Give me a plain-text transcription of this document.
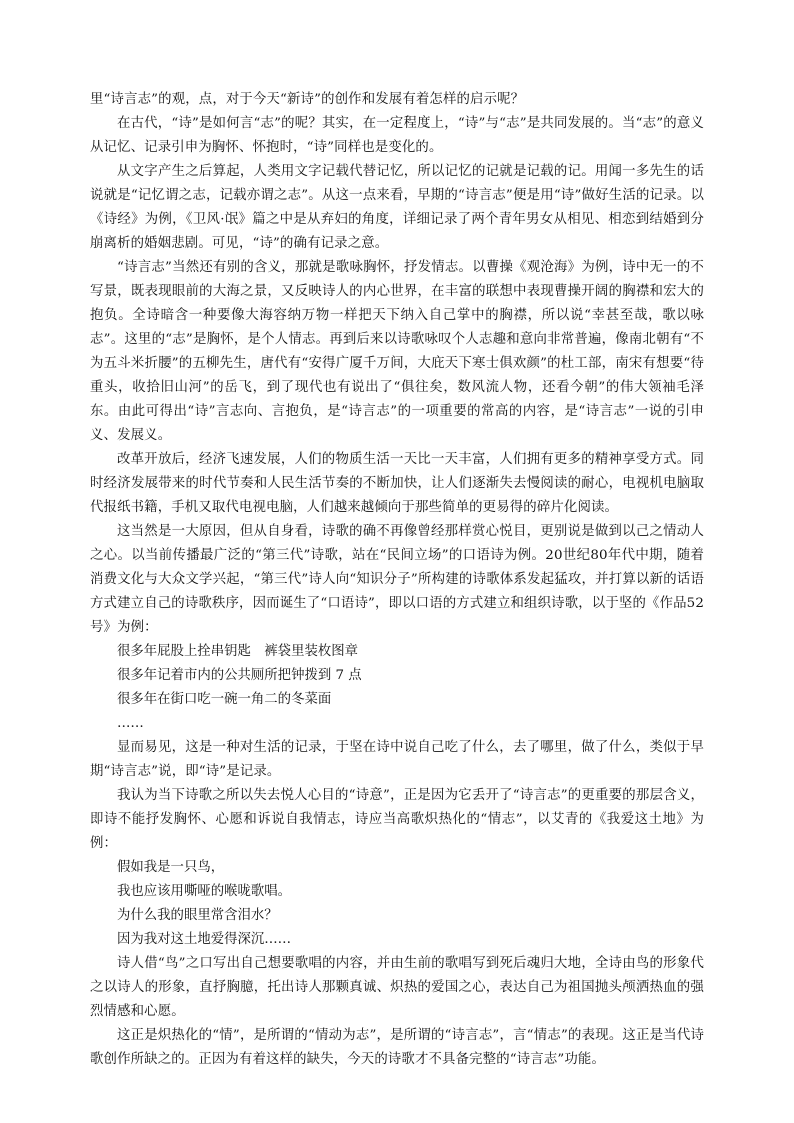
里“诗言志”的观，点，对于今天“新诗”的创作和发展有着怎样的启示呢？

在古代，“诗”是如何言“志”的呢？其实，在一定程度上，“诗”与“志”是共同发展的。当“志”的意义从记忆、记录引申为胸怀、怀抱时，“诗”同样也是变化的。

从文字产生之后算起，人类用文字记载代替记忆，所以记忆的记就是记载的记。用闻一多先生的话说就是“记忆谓之志，记载亦谓之志”。从这一点来看，早期的“诗言志”便是用“诗”做好生活的记录。以《诗经》为例，《卫风·氓》篇之中是从弃妇的角度，详细记录了两个青年男女从相见、相恋到结婚到分崩离析的婚姻悲剧。可见，“诗”的确有记录之意。

“诗言志”当然还有别的含义，那就是歌咏胸怀，抒发情志。以曹操《观沧海》为例，诗中无一的不写景，既表现眼前的大海之景，又反映诗人的内心世界，在丰富的联想中表现曹操开阔的胸襟和宏大的抱负。全诗暗含一种要像大海容纳万物一样把天下纳入自己掌中的胸襟，所以说“幸甚至哉，歌以咏志”。这里的“志”是胸怀，是个人情志。再到后来以诗歌咏叹个人志趣和意向非常普遍，像南北朝有“不为五斗米折腰”的五柳先生，唐代有“安得广厦千万间，大庇天下寒士俱欢颜”的杜工部，南宋有想要“待重头，收拾旧山河”的岳飞，到了现代也有说出了“俱往矣，数风流人物，还看今朝”的伟大领袖毛泽东。由此可得出“诗”言志向、言抱负，是“诗言志”的一项重要的常高的内容，是“诗言志”一说的引申义、发展义。

改革开放后，经济飞速发展，人们的物质生活一天比一天丰富，人们拥有更多的精神享受方式。同时经济发展带来的时代节奏和人民生活节奏的不断加快，让人们逐渐失去慢阅读的耐心，电视机电脑取代报纸书籍，手机又取代电视电脑，人们越来越倾向于那些简单的更易得的碎片化阅读。

这当然是一大原因，但从自身看，诗歌的确不再像曾经那样赏心悦目，更别说是做到以己之情动人之心。以当前传播最广泛的“第三代”诗歌，站在“民间立场”的口语诗为例。20世纪80年代中期，随着消费文化与大众文学兴起，“第三代”诗人向“知识分子”所构建的诗歌体系发起猛攻，并打算以新的话语方式建立自己的诗歌秩序，因而诞生了“口语诗”，即以口语的方式建立和组织诗歌，以于坚的《作品52号》为例：

很多年屁股上拴串钥匙　裤袋里装枚图章
很多年记着市内的公共厕所把钟拨到 7 点
很多年在街口吃一碗一角二的冬菜面
……

显而易见，这是一种对生活的记录，于坚在诗中说自己吃了什么，去了哪里，做了什么，类似于早期“诗言志”说，即“诗”是记录。

我认为当下诗歌之所以失去悦人心目的“诗意”，正是因为它丢开了“诗言志”的更重要的那层含义，即诗不能抒发胸怀、心愿和诉说自我情志，诗应当高歌炽热化的“情志”，以艾青的《我爱这土地》为例：

假如我是一只鸟，
我也应该用嘶哑的喉咙歌唱。
为什么我的眼里常含泪水？
因为我对这土地爱得深沉……

诗人借“鸟”之口写出自己想要歌唱的内容，并由生前的歌唱写到死后魂归大地，全诗由鸟的形象代之以诗人的形象，直抒胸臆，托出诗人那颗真诚、炽热的爱国之心，表达自己为祖国抛头颅洒热血的强烈情感和心愿。

这正是炽热化的“情”，是所谓的“情动为志”，是所谓的“诗言志”，言“情志”的表现。这正是当代诗歌创作所缺之的。正因为有着这样的缺失，今天的诗歌才不具备完整的“诗言志”功能。
